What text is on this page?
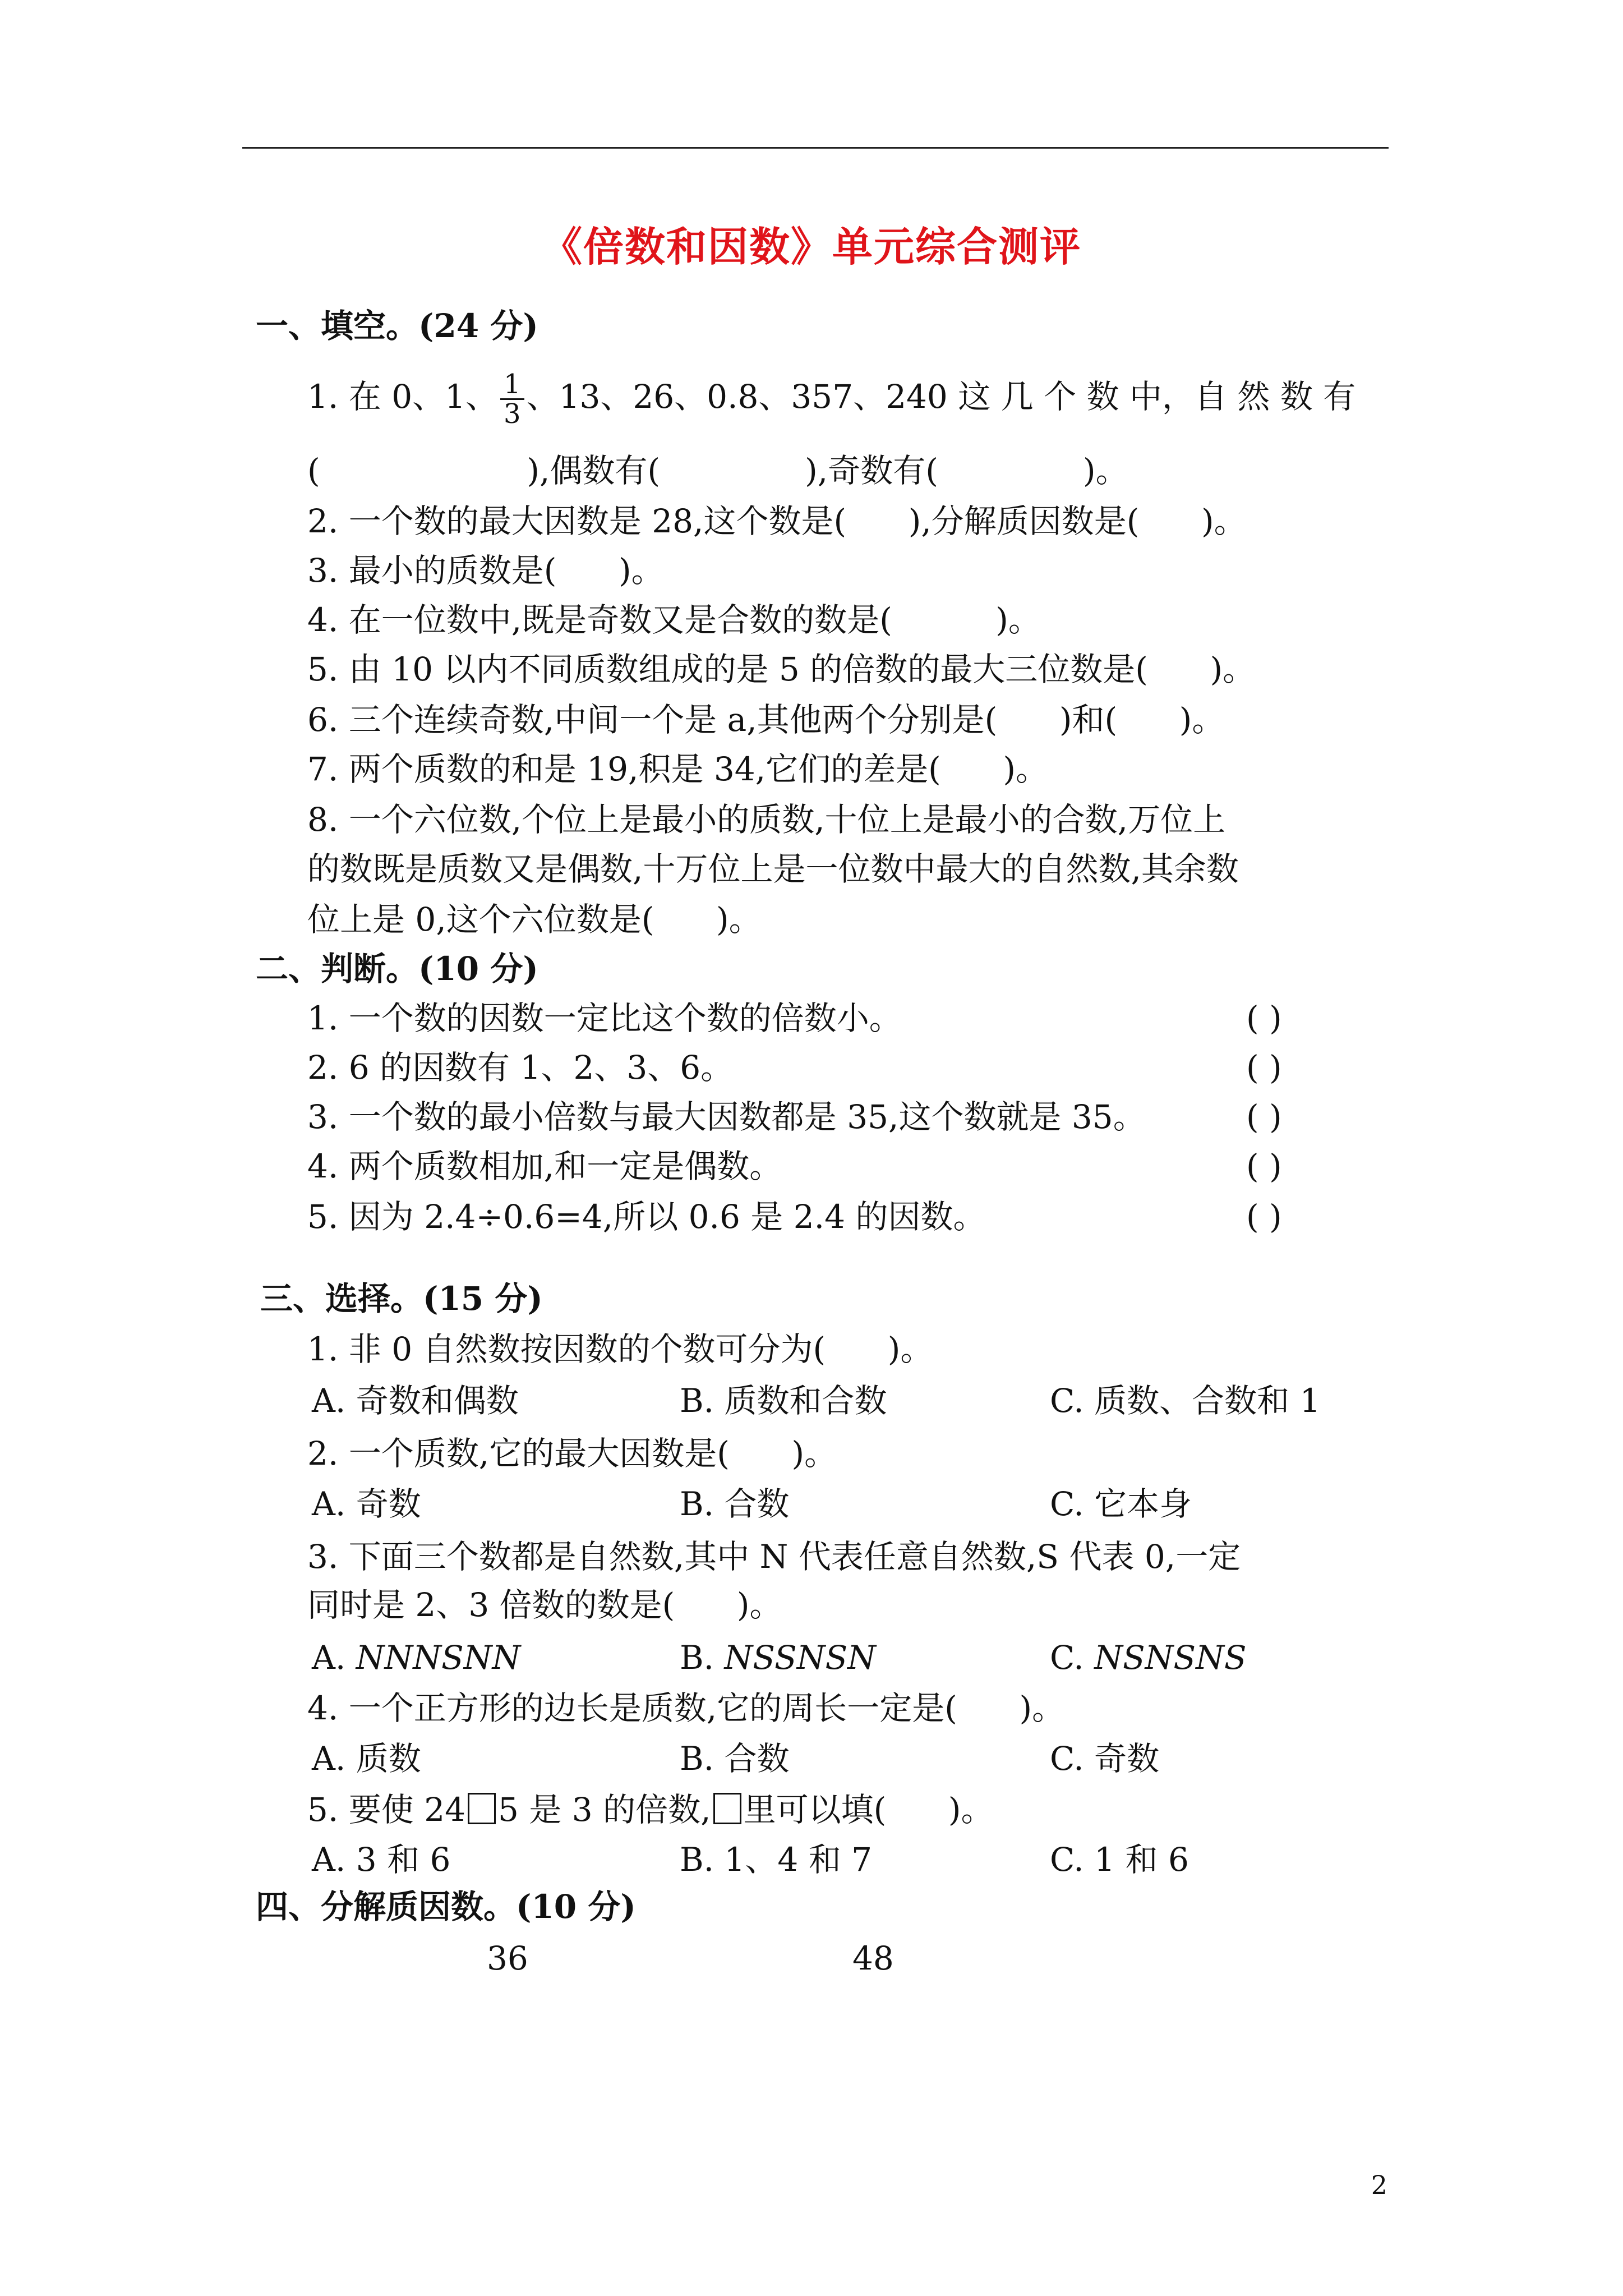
《倍数和因数》单元综合测评
一、填空。(24 分)
1. 在 0、1、 $\frac{1}{3}$ 、13、26、0.8、357、240 这 几 个 数 中，自 然 数 有
(                    ),偶数有(              ),奇数有(              )。
2. 一个数的最大因数是 28,这个数是(      ),分解质因数是(      )。
3. 最小的质数是(      )。
4. 在一位数中,既是奇数又是合数的数是(          )。
5. 由 10 以内不同质数组成的是 5 的倍数的最大三位数是(      )。
6. 三个连续奇数,中间一个是 a,其他两个分别是(      )和(      )。
7. 两个质数的和是 19,积是 34,它们的差是(      )。
8. 一个六位数,个位上是最小的质数,十位上是最小的合数,万位上
的数既是质数又是偶数,十万位上是一位数中最大的自然数,其余数
位上是 0,这个六位数是(      )。
二、判断。(10 分)
1. 一个数的因数一定比这个数的倍数小。	( )
2. 6 的因数有 1、2、3、6。	( )
3. 一个数的最小倍数与最大因数都是 35,这个数就是 35。	( )
4. 两个质数相加,和一定是偶数。	( )
5. 因为 2.4÷0.6=4,所以 0.6 是 2.4 的因数。	( )
三、选择。(15 分)
1. 非 0 自然数按因数的个数可分为(      )。
A. 奇数和偶数	B. 质数和合数	C. 质数、合数和 1
2. 一个质数,它的最大因数是(      )。
A. 奇数	B. 合数	C. 它本身
3. 下面三个数都是自然数,其中 N 代表任意自然数,S 代表 0,一定
同时是 2、3 倍数的数是(      )。
A. NNNSNN	B. NSSNSN	C. NSNSNS
4. 一个正方形的边长是质数,它的周长一定是(      )。
A. 质数	B. 合数	C. 奇数
5. 要使 24 5 是 3 的倍数, 里可以填(      )。
A. 3 和 6	B. 1、4 和 7	C. 1 和 6
四、分解质因数。(10 分)
36	48
2
